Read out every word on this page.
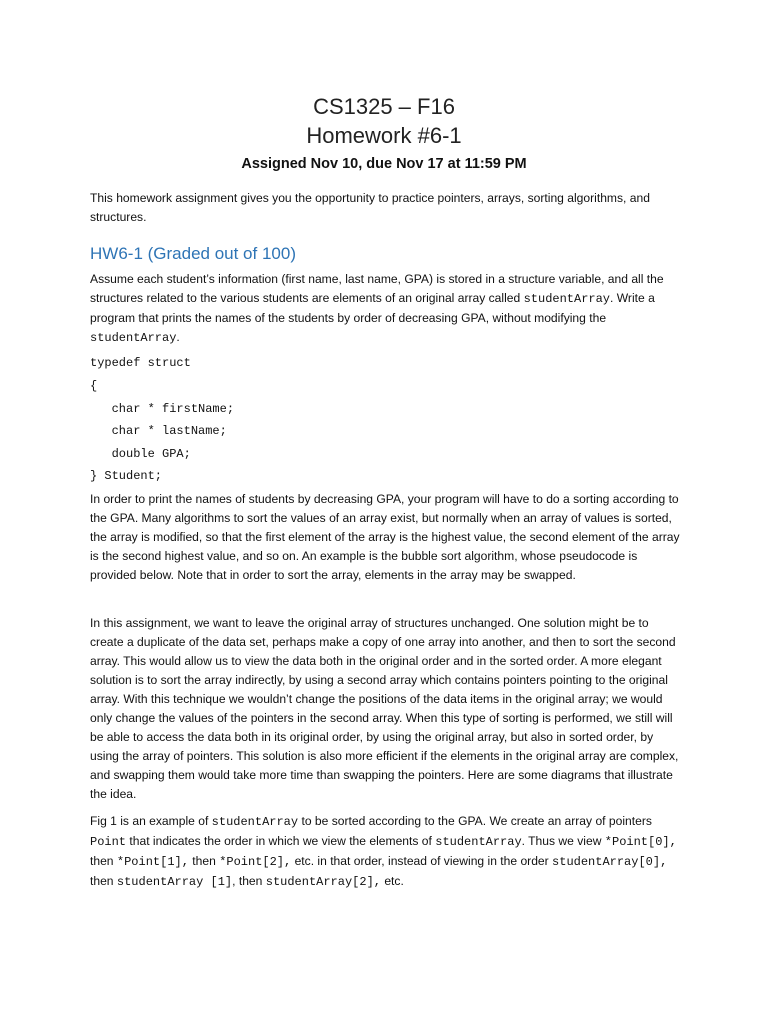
CS1325 – F16
Homework #6-1
Assigned Nov 10, due Nov 17 at 11:59 PM

This homework assignment gives you the opportunity to practice pointers, arrays, sorting algorithms, and structures.

HW6-1 (Graded out of 100)

Assume each student’s information (first name, last name, GPA) is stored in a structure variable, and all the structures related to the various students are elements of an original array called studentArray. Write a program that prints the names of the students by order of decreasing GPA, without modifying the studentArray.

typedef struct
{
char * firstName;
char * lastName;
double GPA;
} Student;

In order to print the names of students by decreasing GPA, your program will have to do a sorting according to the GPA. Many algorithms to sort the values of an array exist, but normally when an array of values is sorted, the array is modified, so that the first element of the array is the highest value, the second element of the array is the second highest value, and so on. An example is the bubble sort algorithm, whose pseudocode is provided below. Note that in order to sort the array, elements in the array may be swapped.

In this assignment, we want to leave the original array of structures unchanged. One solution might be to create a duplicate of the data set, perhaps make a copy of one array into another, and then to sort the second array. This would allow us to view the data both in the original order and in the sorted order. A more elegant solution is to sort the array indirectly, by using a second array which contains pointers pointing to the original array. With this technique we wouldn’t change the positions of the data items in the original array; we would only change the values of the pointers in the second array. When this type of sorting is performed, we still will be able to access the data both in its original order, by using the original array, but also in sorted order, by using the array of pointers. This solution is also more efficient if the elements in the original array are complex, and swapping them would take more time than swapping the pointers. Here are some diagrams that illustrate the idea.

Fig 1 is an example of studentArray to be sorted according to the GPA. We create an array of pointers Point that indicates the order in which we view the elements of studentArray. Thus we view *Point[0], then *Point[1], then *Point[2], etc. in that order, instead of viewing in the order studentArray[0], then studentArray [1], then studentArray[2], etc.
